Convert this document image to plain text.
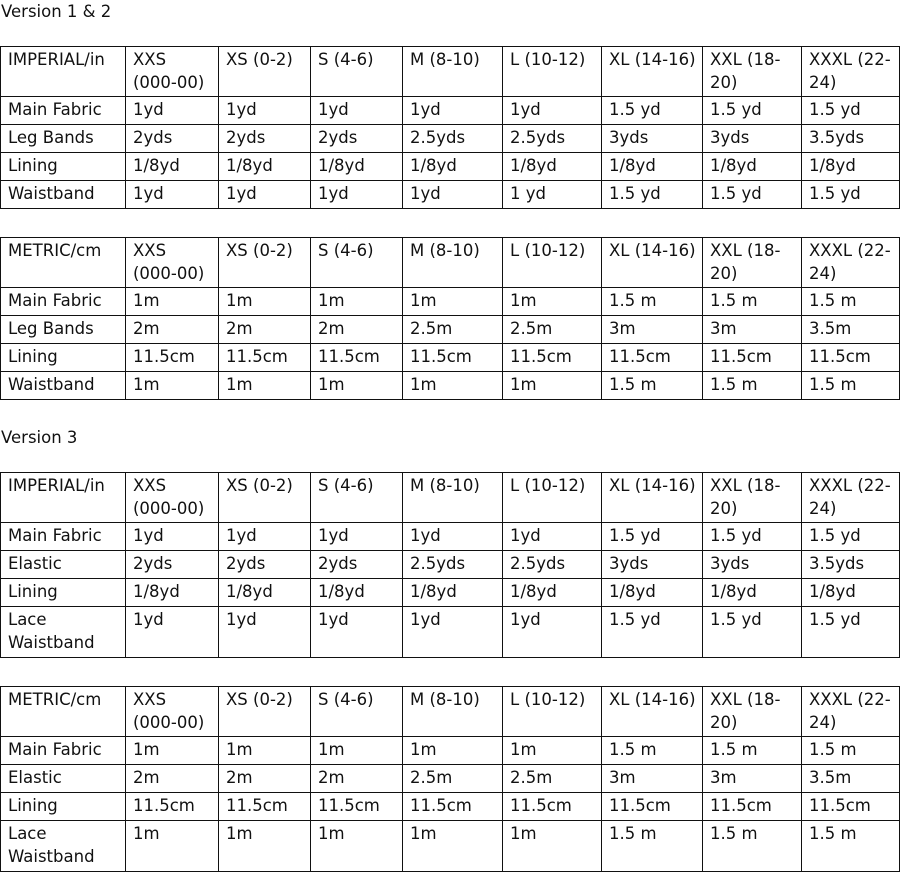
Version 1 & 2
IMPERIAL/in	XXS (000-00)	XS (0-2)	S (4-6)	M (8-10)	L (10-12)	XL (14-16)	XXL (18-20)	XXXL (22-24)
Main Fabric	1yd	1yd	1yd	1yd	1yd	1.5 yd	1.5 yd	1.5 yd
Leg Bands	2yds	2yds	2yds	2.5yds	2.5yds	3yds	3yds	3.5yds
Lining	1/8yd	1/8yd	1/8yd	1/8yd	1/8yd	1/8yd	1/8yd	1/8yd
Waistband	1yd	1yd	1yd	1yd	1 yd	1.5 yd	1.5 yd	1.5 yd
METRIC/cm	XXS (000-00)	XS (0-2)	S (4-6)	M (8-10)	L (10-12)	XL (14-16)	XXL (18-20)	XXXL (22-24)
Main Fabric	1m	1m	1m	1m	1m	1.5 m	1.5 m	1.5 m
Leg Bands	2m	2m	2m	2.5m	2.5m	3m	3m	3.5m
Lining	11.5cm	11.5cm	11.5cm	11.5cm	11.5cm	11.5cm	11.5cm	11.5cm
Waistband	1m	1m	1m	1m	1m	1.5 m	1.5 m	1.5 m
Version 3
IMPERIAL/in	XXS (000-00)	XS (0-2)	S (4-6)	M (8-10)	L (10-12)	XL (14-16)	XXL (18-20)	XXXL (22-24)
Main Fabric	1yd	1yd	1yd	1yd	1yd	1.5 yd	1.5 yd	1.5 yd
Elastic	2yds	2yds	2yds	2.5yds	2.5yds	3yds	3yds	3.5yds
Lining	1/8yd	1/8yd	1/8yd	1/8yd	1/8yd	1/8yd	1/8yd	1/8yd
Lace Waistband	1yd	1yd	1yd	1yd	1yd	1.5 yd	1.5 yd	1.5 yd
METRIC/cm	XXS (000-00)	XS (0-2)	S (4-6)	M (8-10)	L (10-12)	XL (14-16)	XXL (18-20)	XXXL (22-24)
Main Fabric	1m	1m	1m	1m	1m	1.5 m	1.5 m	1.5 m
Elastic	2m	2m	2m	2.5m	2.5m	3m	3m	3.5m
Lining	11.5cm	11.5cm	11.5cm	11.5cm	11.5cm	11.5cm	11.5cm	11.5cm
Lace Waistband	1m	1m	1m	1m	1m	1.5 m	1.5 m	1.5 m
